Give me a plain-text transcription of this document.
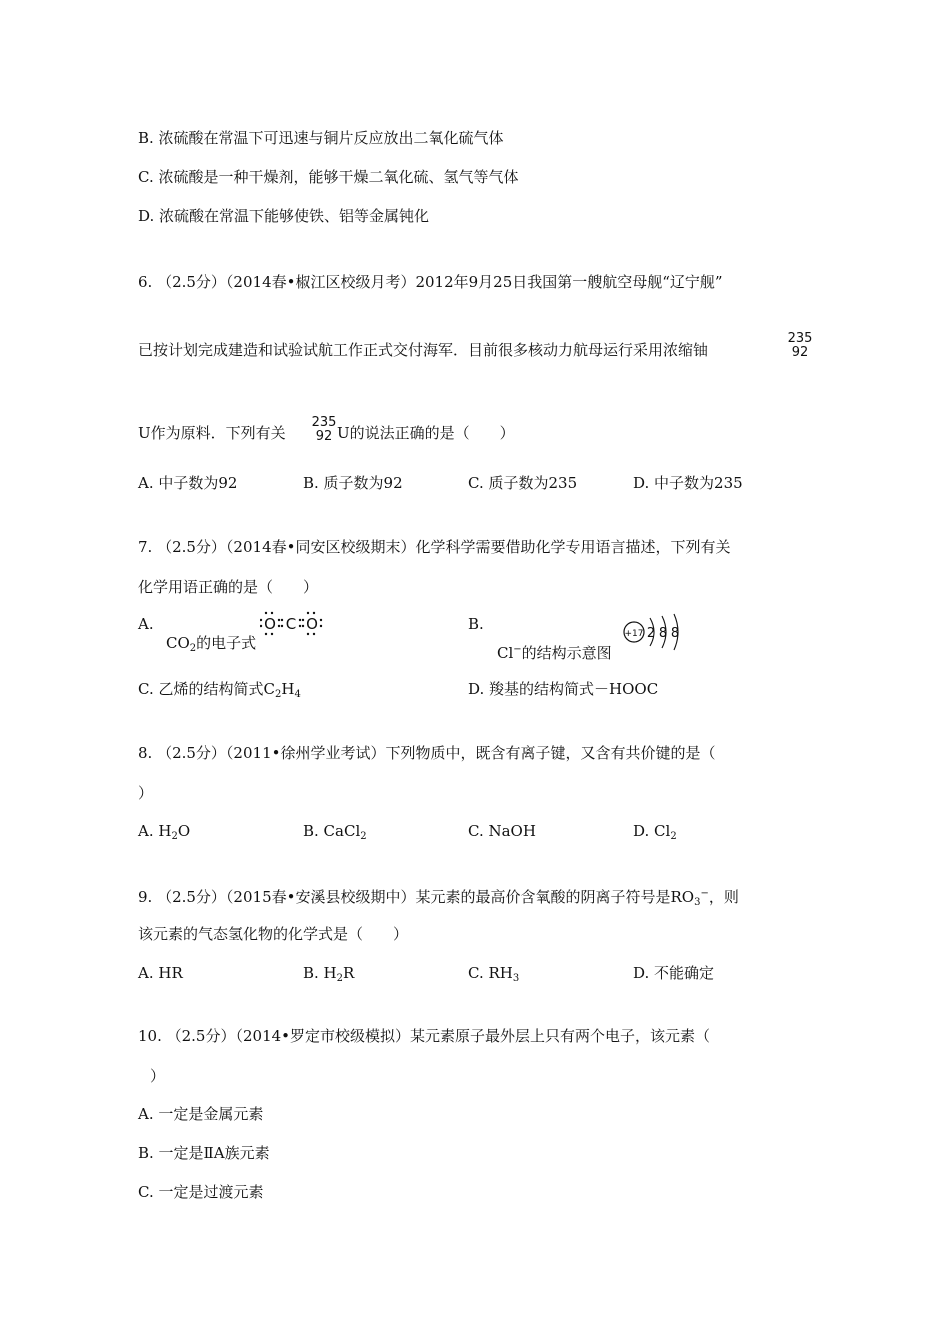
B. 浓硫酸在常温下可迅速与铜片反应放出二氧化硫气体
C. 浓硫酸是一种干燥剂，能够干燥二氧化硫、氢气等气体
D. 浓硫酸在常温下能够使铁、铝等金属钝化
6. （2.5分）（2014春•椒江区校级月考）2012年9月25日我国第一艘航空母舰“辽宁舰”
已按计划完成建造和试验试航工作正式交付海军．目前很多核动力航母运行采用浓缩铀
235
92
U作为原料．下列有关
235
92 U的说法正确的是（　　）
A. 中子数为92	B. 质子数为92	C. 质子数为235	D. 中子数为235
7. （2.5分）（2014春•同安区校级期末）化学科学需要借助化学专用语言描述，下列有关
化学用语正确的是（　　）
A.	O C O
$CO_2$的电子式
B.
Cl−的结构示意图
+17 2 8 8
C. 乙烯的结构简式$C_2H_4$	D. 羧基的结构简式－HOOC
8. （2.5分）（2011•徐州学业考试）下列物质中，既含有离子键，又含有共价键的是（
）
A. $H_2O$	B. CaCl$_2$	C. NaOH	D. $Cl_2$
9. （2.5分）（2015春•安溪县校级期中）某元素的最高价含氧酸的阴离子符号是$RO_3^-$，则
该元素的气态氢化物的化学式是（　　）
A. HR	B. $H_2R$	C. $RH_3$	D. 不能确定
10. （2.5分）（2014•罗定市校级模拟）某元素原子最外层上只有两个电子，该元素（
）
A. 一定是金属元素
B. 一定是ⅡA族元素
C. 一定是过渡元素
